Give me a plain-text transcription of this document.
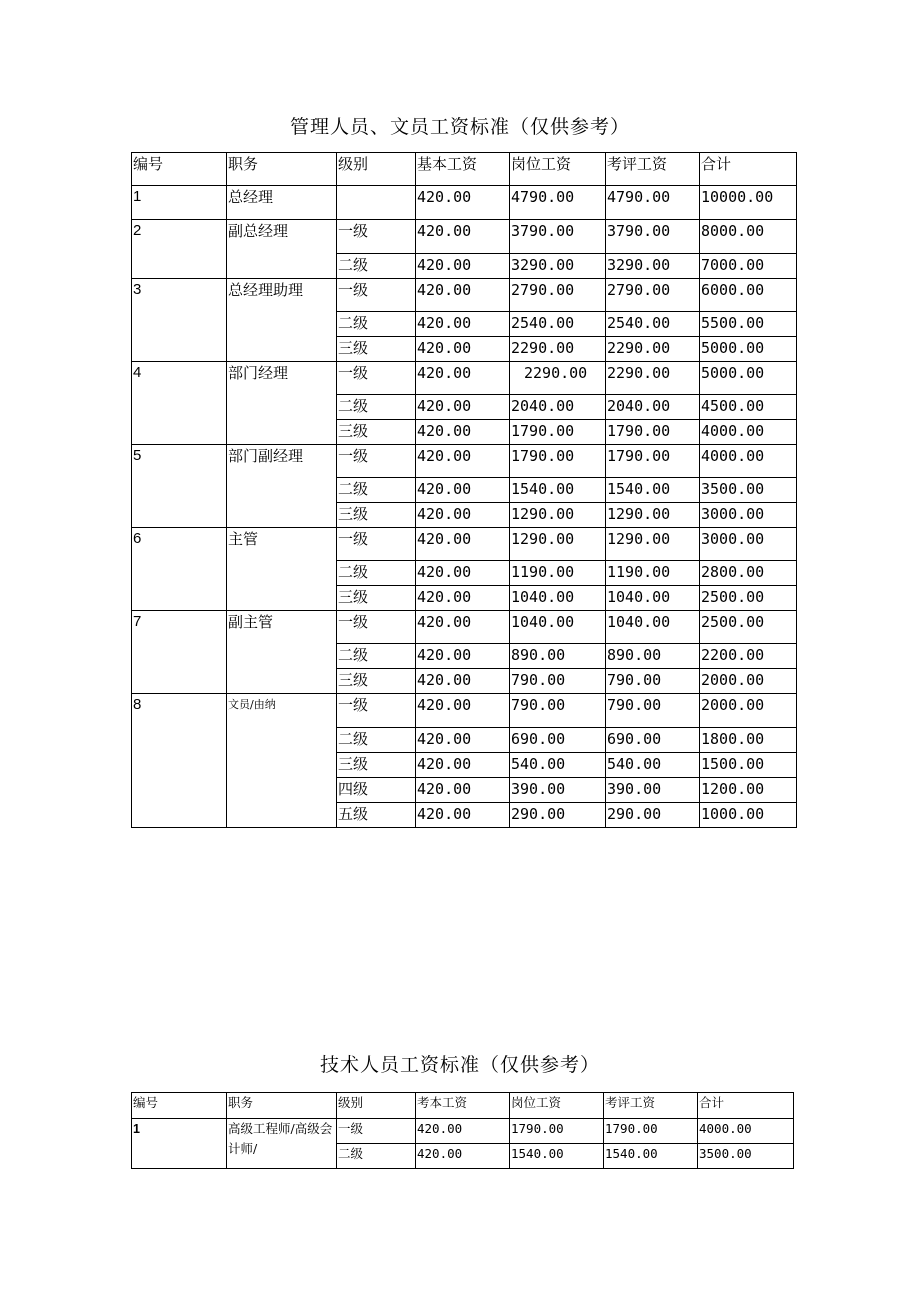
管理人员、文员工资标准（仅供参考）
编号	职务	级别	基本工资	岗位工资	考评工资	合计
1	总经理		420.00	4790.00	4790.00	10000.00
2	副总经理	一级	420.00	3790.00	3790.00	8000.00
		二级	420.00	3290.00	3290.00	7000.00
3	总经理助理	一级	420.00	2790.00	2790.00	6000.00
		二级	420.00	2540.00	2540.00	5500.00
		三级	420.00	2290.00	2290.00	5000.00
4	部门经理	一级	420.00	2290.00	2290.00	5000.00
		二级	420.00	2040.00	2040.00	4500.00
		三级	420.00	1790.00	1790.00	4000.00
5	部门副经理	一级	420.00	1790.00	1790.00	4000.00
		二级	420.00	1540.00	1540.00	3500.00
		三级	420.00	1290.00	1290.00	3000.00
6	主管	一级	420.00	1290.00	1290.00	3000.00
		二级	420.00	1190.00	1190.00	2800.00
		三级	420.00	1040.00	1040.00	2500.00
7	副主管	一级	420.00	1040.00	1040.00	2500.00
		二级	420.00	890.00	890.00	2200.00
		三级	420.00	790.00	790.00	2000.00
8	文员/由纳	一级	420.00	790.00	790.00	2000.00
		二级	420.00	690.00	690.00	1800.00
		三级	420.00	540.00	540.00	1500.00
		四级	420.00	390.00	390.00	1200.00
		五级	420.00	290.00	290.00	1000.00
技术人员工资标准（仅供参考）
编号	职务	级别	考本工资	岗位工资	考评工资	合计
1	高级工程师/高级会计师/	一级	420.00	1790.00	1790.00	4000.00
		二级	420.00	1540.00	1540.00	3500.00
